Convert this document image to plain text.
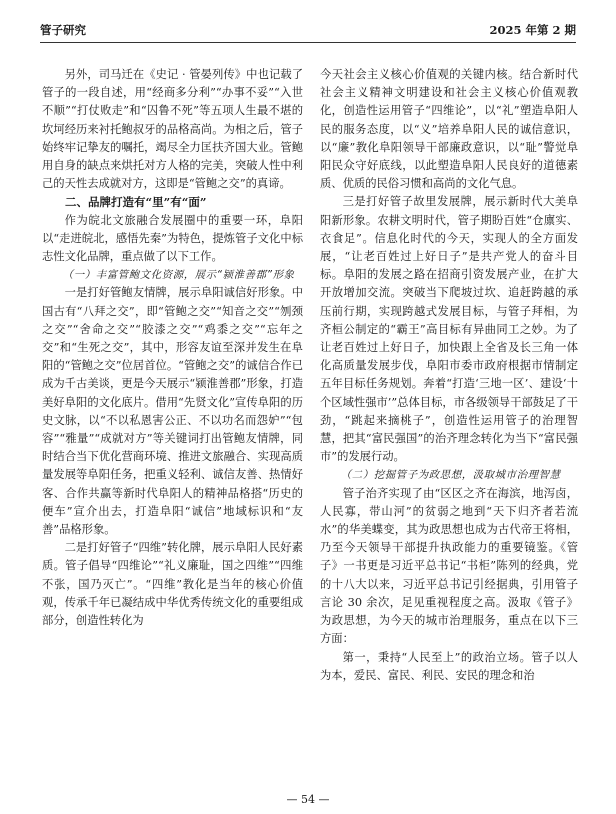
管子研究	2025 年第 2 期

另外，司马迁在《史记 · 管晏列传》中也记载了管子的一段自述，用“经商多分利”“办事不妥”“入世不顺”“打仗败走”和“囚鲁不死”等五项人生最不堪的坎坷经历来衬托鲍叔牙的品格高尚。为相之后，管子始终牢记挚友的嘱托，竭尽全力匡扶齐国大业。管鲍用自身的缺点来烘托对方人格的完美，突破人性中利己的天性去成就对方，这即是“管鲍之交”的真谛。

二、品牌打造有“里”有“面”

作为皖北文旅融合发展圈中的重要一环，阜阳以“走进皖北，感悟先秦”为特色，提炼管子文化中标志性文化品牌，重点做了以下工作。

（一）丰富管鲍文化资源，展示“颍淮善郡”形象

一是打好管鲍友情牌，展示阜阳诚信好形象。中国古有“八拜之交”，即“管鲍之交”“知音之交”“刎颈之交”“舍命之交”“胶漆之交”“鸡黍之交”“忘年之交”和“生死之交”，其中，形容友谊至深并发生在阜阳的“管鲍之交”位居首位。“管鲍之交”的诚信合作已成为千古美谈，更是今天展示“颍淮善郡”形象，打造美好阜阳的文化底片。借用“先贤文化”宣传阜阳的历史文脉，以“不以私恩害公正、不以功名而怨妒”“包容”“雅量”“成就对方”等关键词打出管鲍友情牌，同时结合当下优化营商环境、推进文旅融合、实现高质量发展等阜阳任务，把重义轻利、诚信友善、热情好客、合作共赢等新时代阜阳人的精神品格搭“历史的便车”宣介出去，打造阜阳“诚信”地域标识和“友善”品格形象。

二是打好管子“四维”转化牌，展示阜阳人民好素质。管子倡导“四维论”“礼义廉耻，国之四维”“四维不张，国乃灭亡”。“四维”教化是当年的核心价值观，传承千年已凝结成中华优秀传统文化的重要组成部分，创造性转化为

今天社会主义核心价值观的关键内核。结合新时代社会主义精神文明建设和社会主义核心价值观教化，创造性运用管子“四维论”，以“礼”塑造阜阳人民的服务态度，以“义”培养阜阳人民的诚信意识，以“廉”教化阜阳领导干部廉政意识，以“耻”警觉阜阳民众守好底线，以此塑造阜阳人民良好的道德素质、优质的民俗习惯和高尚的文化气息。

三是打好管子故里发展牌，展示新时代大美阜阳新形象。农耕文明时代，管子期盼百姓“仓廪实、衣食足”。信息化时代的今天，实现人的全方面发展，“让老百姓过上好日子”是共产党人的奋斗目标。阜阳的发展之路在招商引资发展产业，在扩大开放增加交流。突破当下爬坡过坎、追赶跨越的承压前行期，实现跨越式发展目标，与管子拜相，为齐桓公制定的“霸王”高目标有异曲同工之妙。为了让老百姓过上好日子，加快跟上全省及长三角一体化高质量发展步伐，阜阳市委市政府根据市情制定五年目标任务规划。奔着“打造‘三地一区’、建设‘十个区域性强市’”总体目标，市各级领导干部鼓足了干劲，“跳起来摘桃子”，创造性运用管子的治理智慧，把其“富民强国”的治齐理念转化为当下“富民强市”的发展行动。

（二）挖掘管子为政思想，汲取城市治理智慧

管子治齐实现了由“区区之齐在海滨，地泻卤，人民寡，带山河”的贫弱之地到“天下归齐者若流水”的华美蝶变，其为政思想也成为古代帝王将相，乃至今天领导干部提升执政能力的重要镜鉴。《管子》一书更是习近平总书记“书柜”陈列的经典，党的十八大以来，习近平总书记引经据典，引用管子言论 30 余次，足见重视程度之高。汲取《管子》为政思想，为今天的城市治理服务，重点在以下三方面：

第一，秉持“人民至上”的政治立场。管子以人为本，爱民、富民、利民、安民的理念和治

— 54 —
